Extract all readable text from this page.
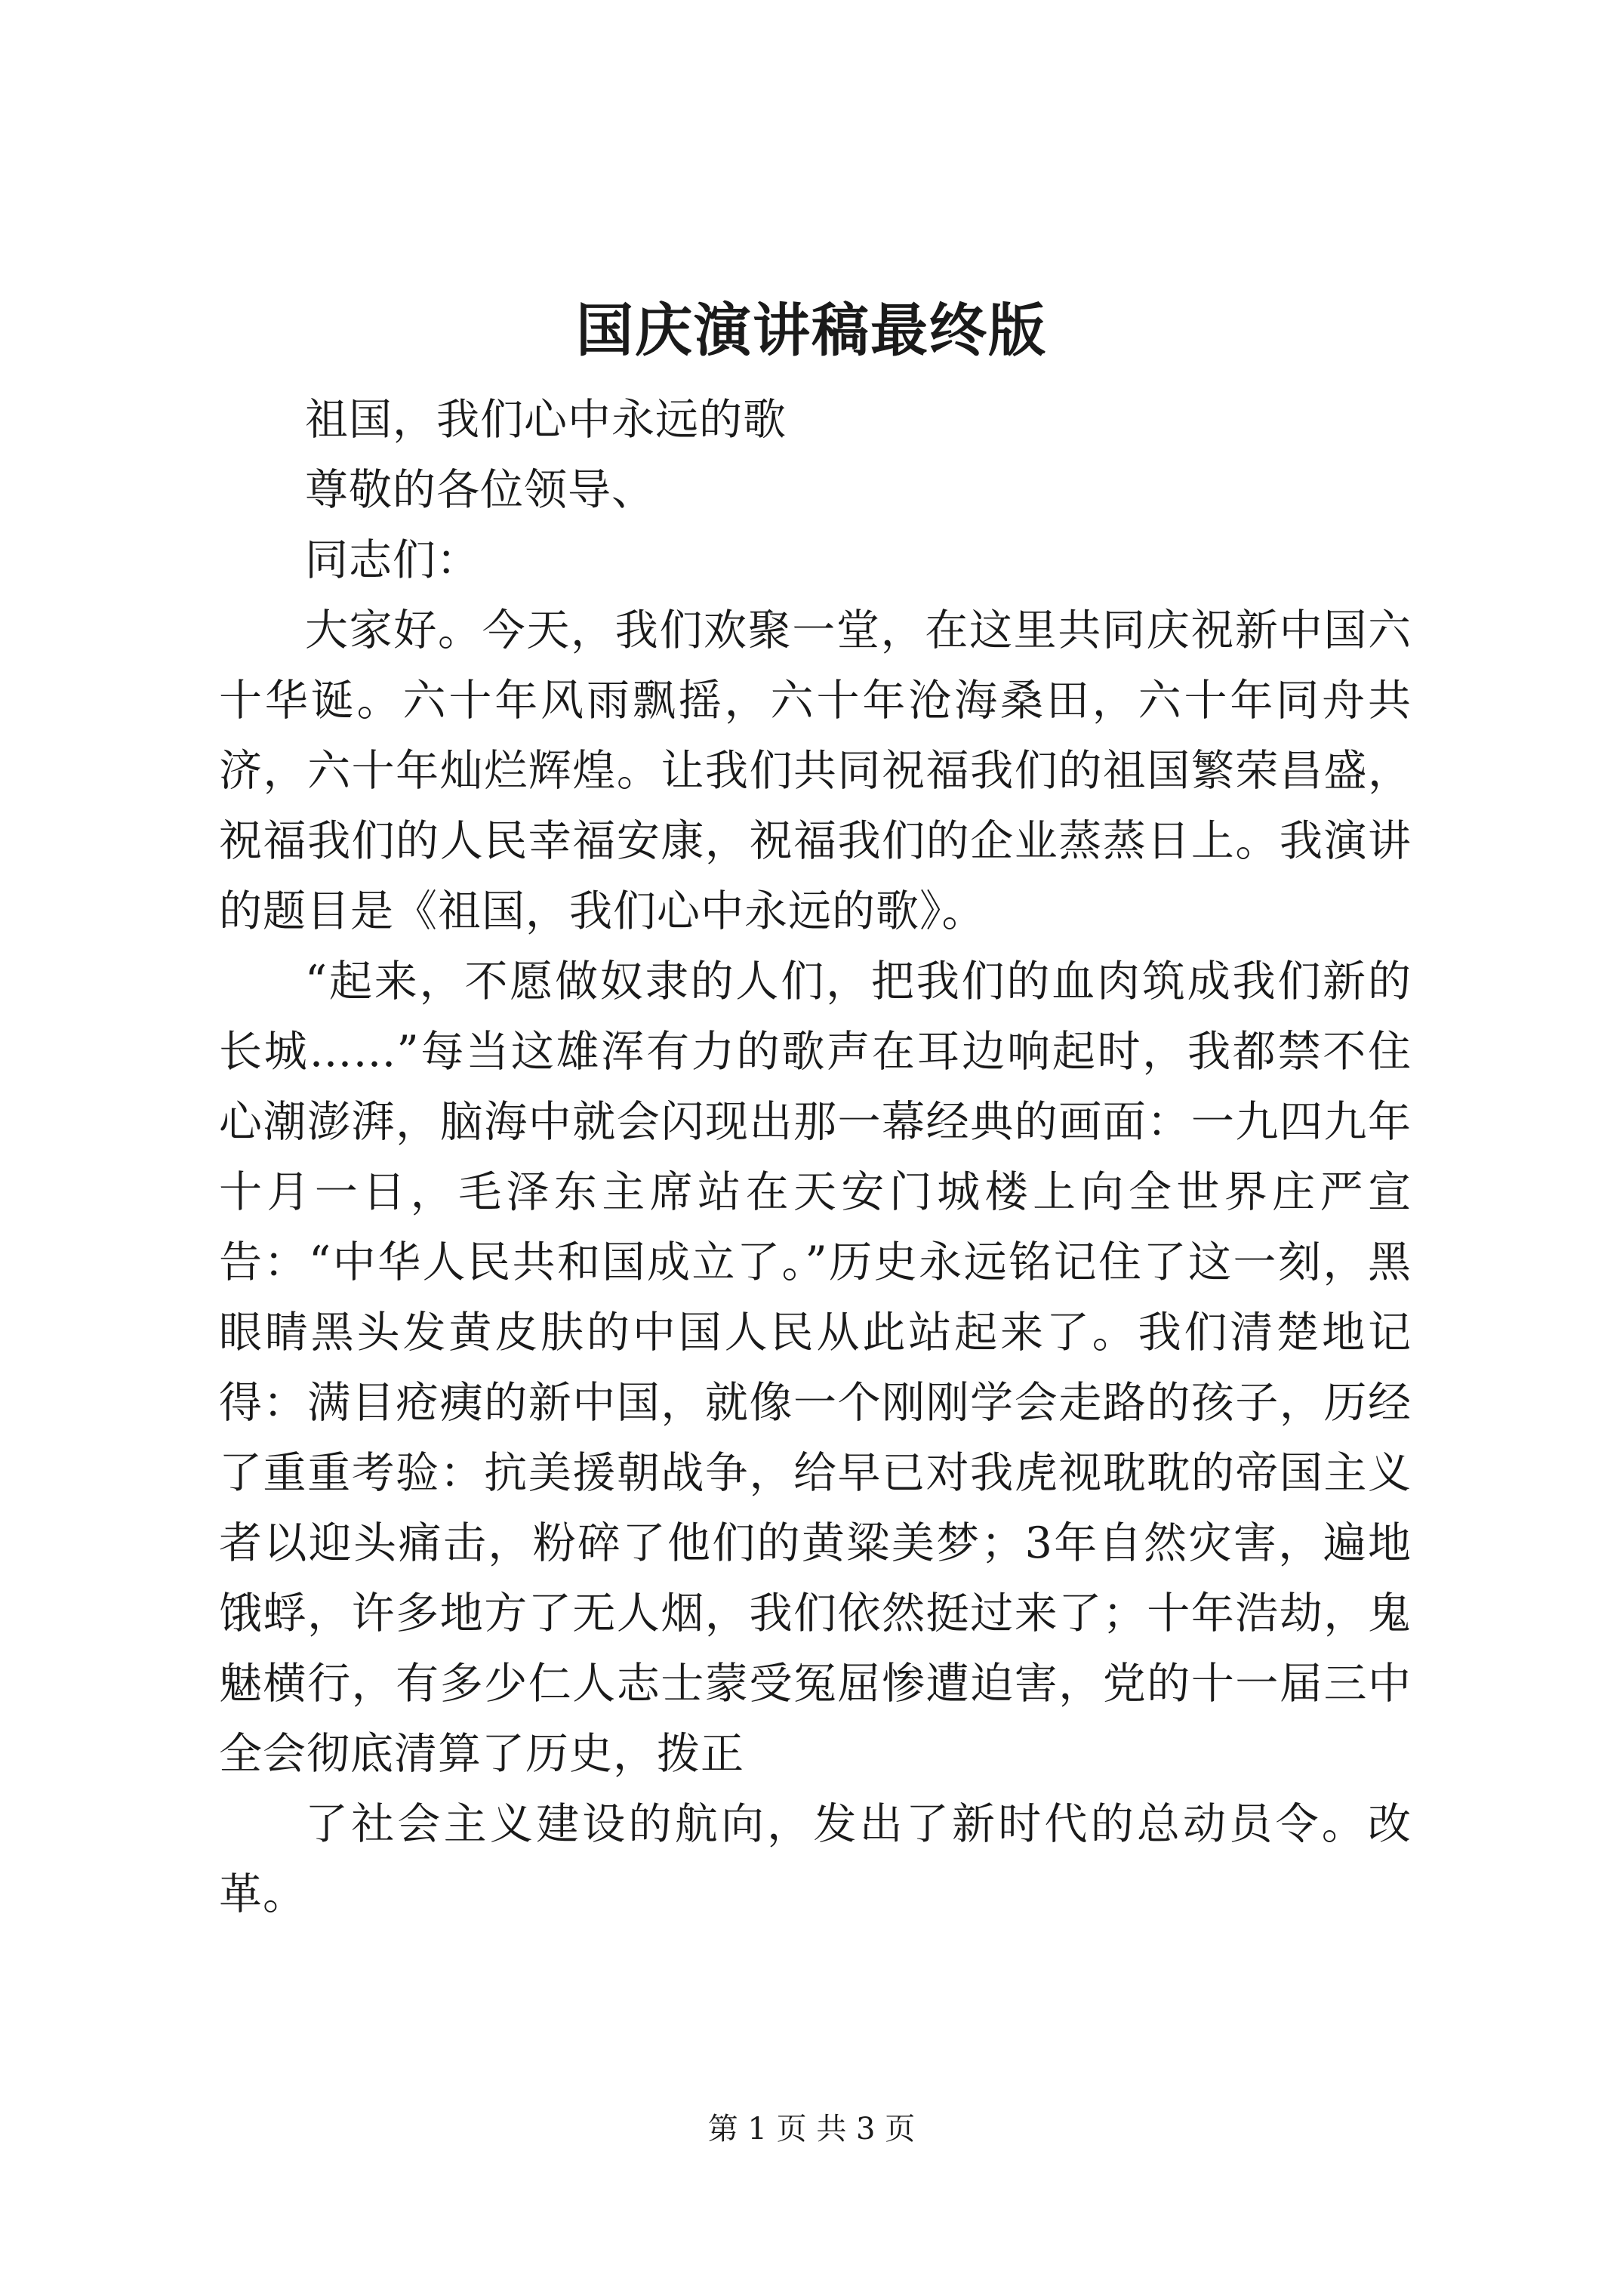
国庆演讲稿最终版

祖国，我们心中永远的歌

尊敬的各位领导、

同志们：

大家好。今天，我们欢聚一堂，在这里共同庆祝新中国六十华诞。六十年风雨飘摇，六十年沧海桑田，六十年同舟共济，六十年灿烂辉煌。让我们共同祝福我们的祖国繁荣昌盛，祝福我们的人民幸福安康，祝福我们的企业蒸蒸日上。我演讲的题目是《祖国，我们心中永远的歌》。

“起来，不愿做奴隶的人们，把我们的血肉筑成我们新的长城……”每当这雄浑有力的歌声在耳边响起时，我都禁不住心潮澎湃，脑海中就会闪现出那一幕经典的画面：一九四九年十月一日，毛泽东主席站在天安门城楼上向全世界庄严宣告：“中华人民共和国成立了。”历史永远铭记住了这一刻，黑眼睛黑头发黄皮肤的中国人民从此站起来了。我们清楚地记得：满目疮痍的新中国，就像一个刚刚学会走路的孩子，历经了重重考验：抗美援朝战争，给早已对我虎视耽耽的帝国主义者以迎头痛击，粉碎了他们的黄粱美梦；3年自然灾害，遍地饿蜉，许多地方了无人烟，我们依然挺过来了；十年浩劫，鬼魅横行，有多少仁人志士蒙受冤屈惨遭迫害，党的十一届三中全会彻底清算了历史，拨正

了社会主义建设的航向，发出了新时代的总动员令。改革。

第 1 页 共 3 页
